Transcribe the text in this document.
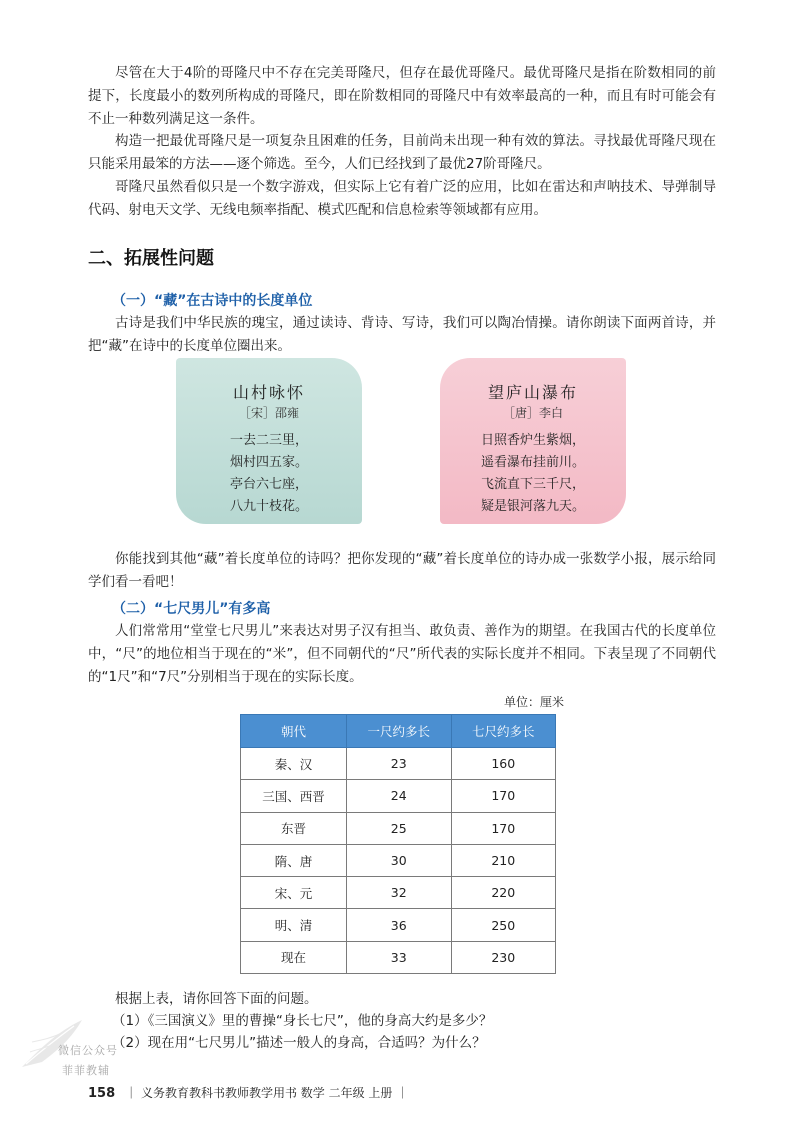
尽管在大于4阶的哥隆尺中不存在完美哥隆尺，但存在最优哥隆尺。最优哥隆尺是指在阶数相同的前提下，长度最小的数列所构成的哥隆尺，即在阶数相同的哥隆尺中有效率最高的一种，而且有时可能会有不止一种数列满足这一条件。

构造一把最优哥隆尺是一项复杂且困难的任务，目前尚未出现一种有效的算法。寻找最优哥隆尺现在只能采用最笨的方法——逐个筛选。至今，人们已经找到了最优27阶哥隆尺。

哥隆尺虽然看似只是一个数字游戏，但实际上它有着广泛的应用，比如在雷达和声呐技术、导弹制导代码、射电天文学、无线电频率指配、模式匹配和信息检索等领域都有应用。

二、拓展性问题
（一）“藏”在古诗中的长度单位

古诗是我们中华民族的瑰宝，通过读诗、背诗、写诗，我们可以陶冶情操。请你朗读下面两首诗，并把“藏”在诗中的长度单位圈出来。

山村咏怀
［宋］邵雍
一去二三里，
烟村四五家。
亭台六七座，
八九十枝花。
望庐山瀑布
［唐］李白
日照香炉生紫烟，
遥看瀑布挂前川。
飞流直下三千尺，
疑是银河落九天。

你能找到其他“藏”着长度单位的诗吗？把你发现的“藏”着长度单位的诗办成一张数学小报，展示给同学们看一看吧！

（二）“七尺男儿”有多高

人们常常用“堂堂七尺男儿”来表达对男子汉有担当、敢负责、善作为的期望。在我国古代的长度单位中，“尺”的地位相当于现在的“米”，但不同朝代的“尺”所代表的实际长度并不相同。下表呈现了不同朝代的“1尺”和“7尺”分别相当于现在的实际长度。

单位：厘米
朝代	一尺约多长	七尺约多长
秦、汉	23	160
三国、西晋	24	170
东晋	25	170
隋、唐	30	210
宋、元	32	220
明、清	36	250
现在	33	230

根据上表，请你回答下面的问题。

（1）《三国演义》里的曹操“身长七尺”，他的身高大约是多少？

（2）现在用“七尺男儿”描述一般人的身高，合适吗？为什么？

微信公众号
菲菲教辅
158 ｜ 义务教育教科书教师教学用书 数学 二年级 上册 ｜
